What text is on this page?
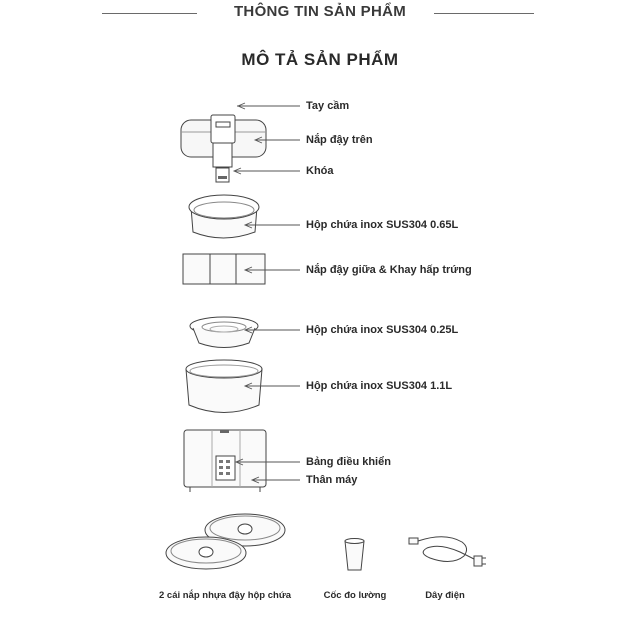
THÔNG TIN SẢN PHẨM
MÔ TẢ SẢN PHẨM
Tay cầm
Nắp đậy trên
Khóa
Hộp chứa inox SUS304 0.65L
Nắp đậy giữa & Khay hấp trứng
Hộp chứa inox SUS304 0.25L
Hộp chứa inox SUS304 1.1L
Bảng điều khiển
Thân máy
2 cái nắp nhựa đậy hộp chứa	Cốc đo lường	Dây điện
